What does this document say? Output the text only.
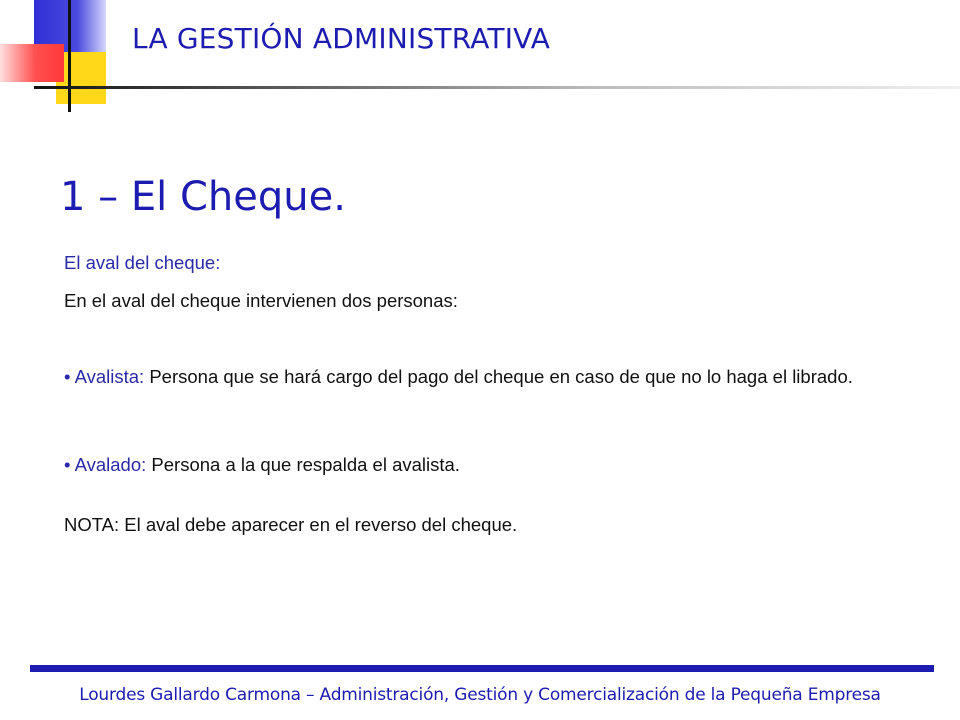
LA GESTIÓN ADMINISTRATIVA
1 – El Cheque.

El aval del cheque:

En el aval del cheque intervienen dos personas:

• Avalista: Persona que se hará cargo del pago del cheque en caso de que no lo haga el librado.

• Avalado: Persona a la que respalda el avalista.

NOTA: El aval debe aparecer en el reverso del cheque.

Lourdes Gallardo Carmona – Administración, Gestión y Comercialización de la Pequeña Empresa
